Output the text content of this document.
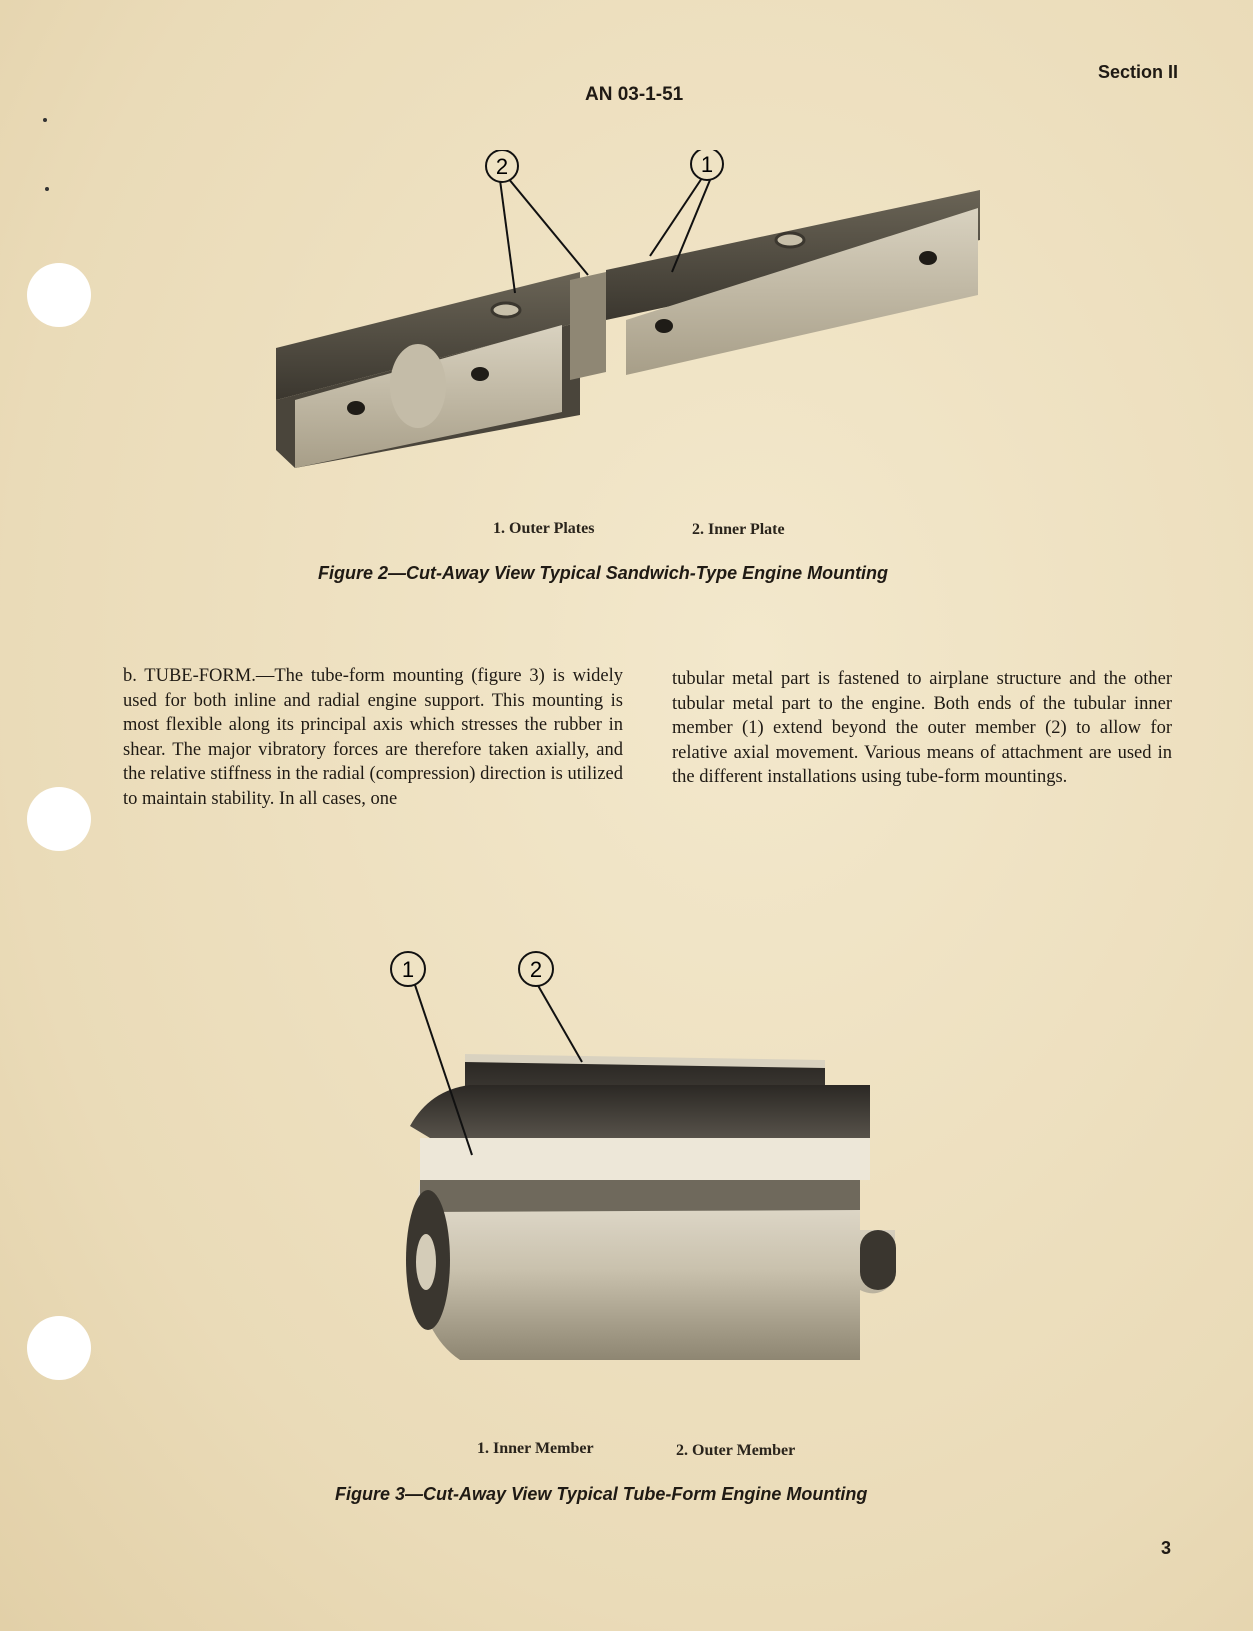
Section II
AN 03-1-51
2	1
1. Outer Plates	2. Inner Plate
Figure 2—Cut-Away View Typical Sandwich-Type Engine Mounting

b. TUBE-FORM.—The tube-form mounting (figure 3) is widely used for both inline and radial engine support. This mounting is most flexible along its principal axis which stresses the rubber in shear. The major vibratory forces are therefore taken axially, and the relative stiffness in the radial (compression) direction is utilized to maintain stability. In all cases, one

tubular metal part is fastened to airplane structure and the other tubular metal part to the engine. Both ends of the tubular inner member (1) extend beyond the outer member (2) to allow for relative axial movement. Various means of attachment are used in the different installations using tube-form mountings.

1	2
1. Inner Member	2. Outer Member
Figure 3—Cut-Away View Typical Tube-Form Engine Mounting
3
